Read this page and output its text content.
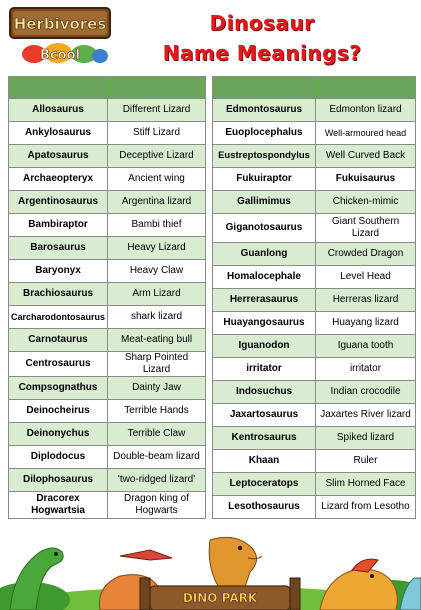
Herbivores
Bcool
Dinosaur
Name Meanings?

Allosaurus	Different Lizard
Ankylosaurus	Stiff Lizard
Apatosaurus	Deceptive Lizard
Archaeopteryx	Ancient wing
Argentinosaurus	Argentina lizard
Bambiraptor	Bambi thief
Barosaurus	Heavy Lizard
Baryonyx	Heavy Claw
Brachiosaurus	Arm Lizard
Carcharodontosaurus	shark lizard
Carnotaurus	Meat-eating bull
Centrosaurus	Sharp Pointed Lizard
Compsognathus	Dainty Jaw
Deinocheirus	Terrible Hands
Deinonychus	Terrible Claw
Diplodocus	Double-beam lizard
Dilophosaurus	'two-ridged lizard'
Dracorex Hogwartsia	Dragon king of Hogwarts

Edmontosaurus	Edmonton lizard
Euoplocephalus	Well-armoured head
Eustreptospondylus	Well Curved Back
Fukuiraptor	Fukuisaurus
Gallimimus	Chicken-mimic
Giganotosaurus	Giant Southern Lizard
Guanlong	Crowded Dragon
Homalocephale	Level Head
Herrerasaurus	Herreras lizard
Huayangosaurus	Huayang lizard
Iguanodon	Iguana tooth
irritator	irritator
Indosuchus	Indian crocodile
Jaxartosaurus	Jaxartes River lizard
Kentrosaurus	Spiked lizard
Khaan	Ruler
Leptoceratops	Slim Horned Face
Lesothosaurus	Lizard from Lesotho
DINO PARK
